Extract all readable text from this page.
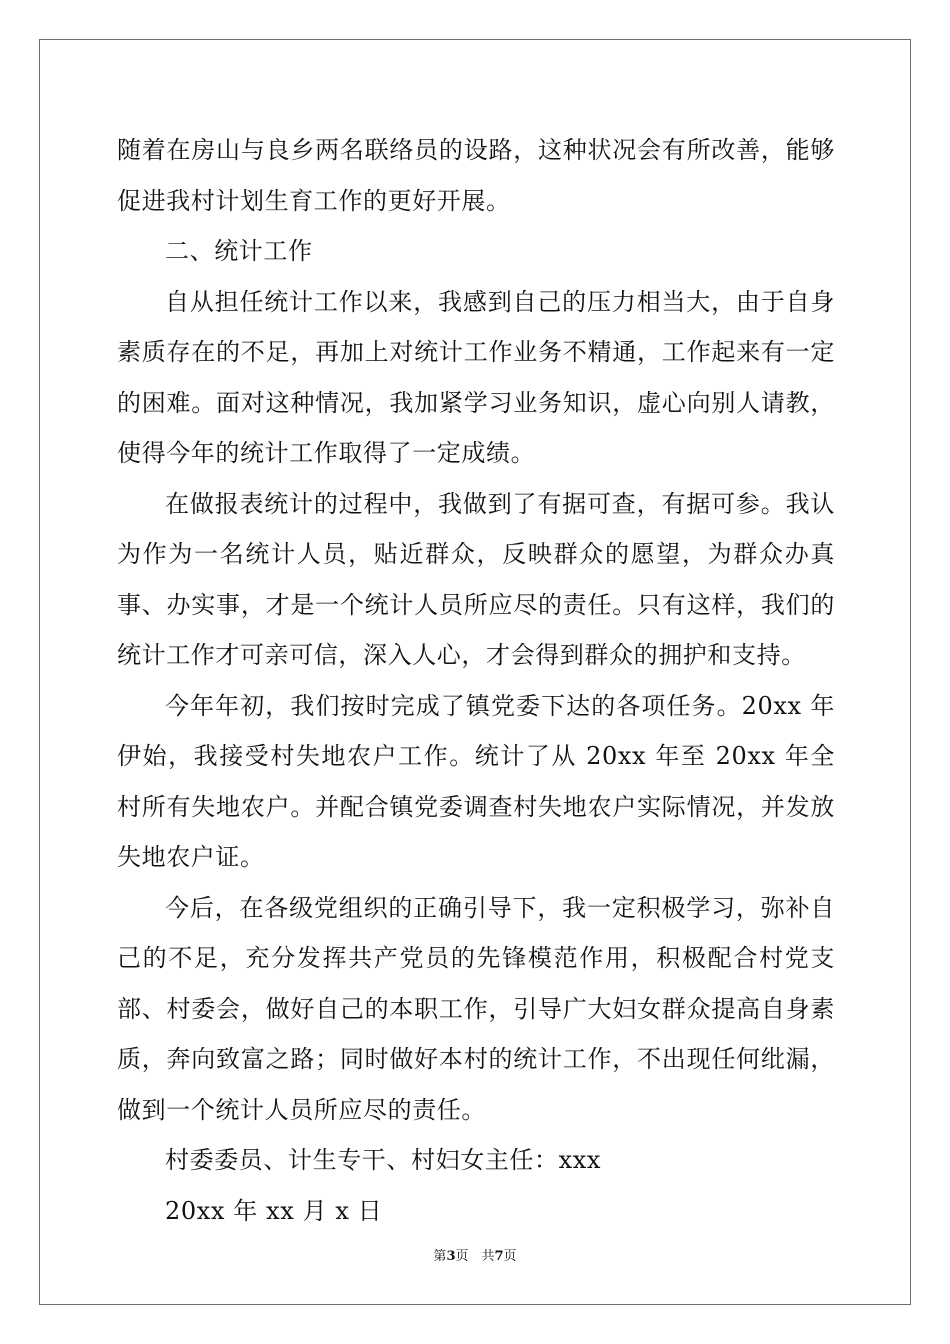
随着在房山与良乡两名联络员的设路，这种状况会有所改善，能够促进我村计划生育工作的更好开展。

二、统计工作

自从担任统计工作以来，我感到自己的压力相当大，由于自身素质存在的不足，再加上对统计工作业务不精通，工作起来有一定的困难。面对这种情况，我加紧学习业务知识，虚心向别人请教，使得今年的统计工作取得了一定成绩。

在做报表统计的过程中，我做到了有据可查，有据可参。我认为作为一名统计人员，贴近群众，反映群众的愿望，为群众办真事、办实事，才是一个统计人员所应尽的责任。只有这样，我们的统计工作才可亲可信，深入人心，才会得到群众的拥护和支持。

今年年初，我们按时完成了镇党委下达的各项任务。20xx 年伊始，我接受村失地农户工作。统计了从 20xx 年至 20xx 年全村所有失地农户。并配合镇党委调查村失地农户实际情况，并发放失地农户证。

今后，在各级党组织的正确引导下，我一定积极学习，弥补自己的不足，充分发挥共产党员的先锋模范作用，积极配合村党支部、村委会，做好自己的本职工作，引导广大妇女群众提高自身素质，奔向致富之路；同时做好本村的统计工作，不出现任何纰漏，做到一个统计人员所应尽的责任。

村委委员、计生专干、村妇女主任：xxx

20xx 年 xx 月 x 日

第3页　共7页
